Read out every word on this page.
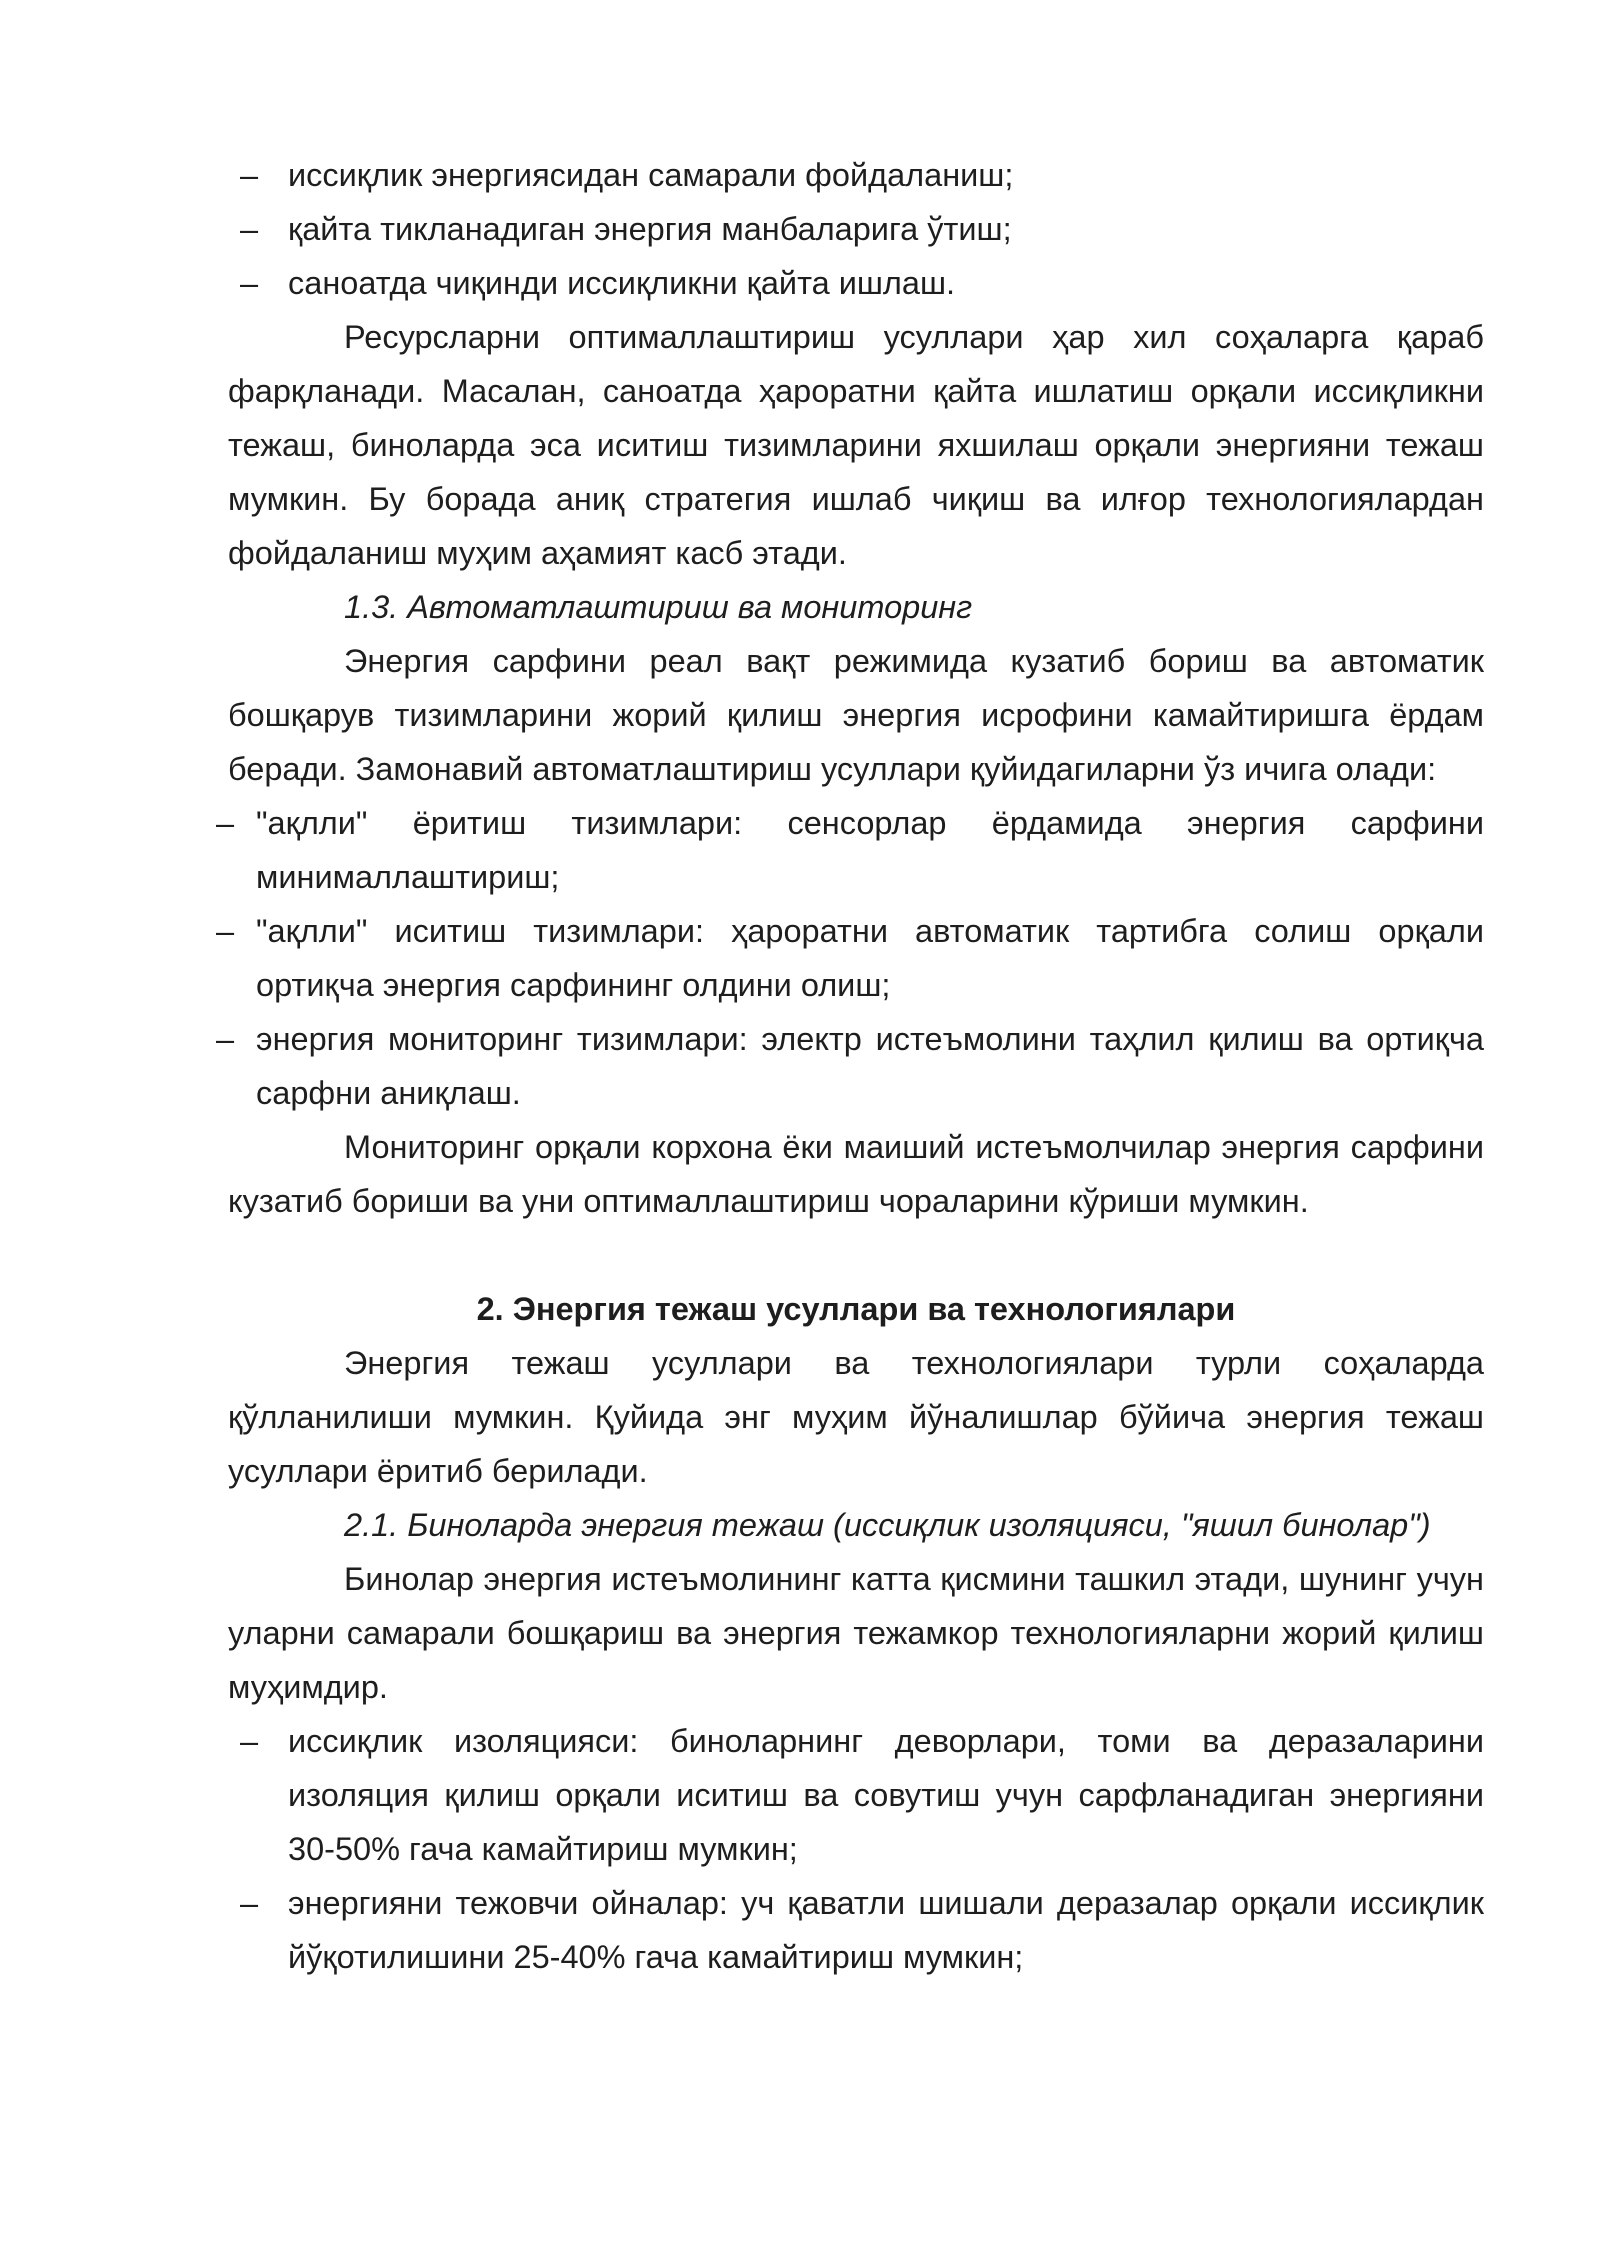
– иссиқлик энергиясидан самарали фойдаланиш;
– қайта тикланадиган энергия манбаларига ўтиш;
– саноатда чиқинди иссиқликни қайта ишлаш.

Ресурсларни оптималлаштириш усуллари ҳар хил соҳаларга қараб фарқланади. Масалан, саноатда ҳароратни қайта ишлатиш орқали иссиқликни тежаш, биноларда эса иситиш тизимларини яхшилаш орқали энергияни тежаш мумкин. Бу борада аниқ стратегия ишлаб чиқиш ва илғор технологиялардан фойдаланиш муҳим аҳамият касб этади.

1.3. Автоматлаштириш ва мониторинг

Энергия сарфини реал вақт режимида кузатиб бориш ва автоматик бошқарув тизимларини жорий қилиш энергия исрофини камайтиришга ёрдам беради. Замонавий автоматлаштириш усуллари қуйидагиларни ўз ичига олади:

– "ақлли" ёритиш тизимлари: сенсорлар ёрдамида энергия сарфини минималлаштириш;
– "ақлли" иситиш тизимлари: ҳароратни автоматик тартибга солиш орқали ортиқча энергия сарфининг олдини олиш;
– энергия мониторинг тизимлари: электр истеъмолини таҳлил қилиш ва ортиқча сарфни аниқлаш.

Мониторинг орқали корхона ёки маиший истеъмолчилар энергия сарфини кузатиб бориши ва уни оптималлаштириш чораларини кўриши мумкин.

2. Энергия тежаш усуллари ва технологиялари

Энергия тежаш усуллари ва технологиялари турли соҳаларда қўлланилиши мумкин. Қуйида энг муҳим йўналишлар бўйича энергия тежаш усуллари ёритиб берилади.

2.1. Биноларда энергия тежаш (иссиқлик изоляцияси, "яшил бинолар")

Бинолар энергия истеъмолининг катта қисмини ташкил этади, шунинг учун уларни самарали бошқариш ва энергия тежамкор технологияларни жорий қилиш муҳимдир.

– иссиқлик изоляцияси: биноларнинг деворлари, томи ва деразаларини изоляция қилиш орқали иситиш ва совутиш учун сарфланадиган энергияни 30-50% гача камайтириш мумкин;
– энергияни тежовчи ойналар: уч қаватли шишали деразалар орқали иссиқлик йўқотилишини 25-40% гача камайтириш мумкин;
